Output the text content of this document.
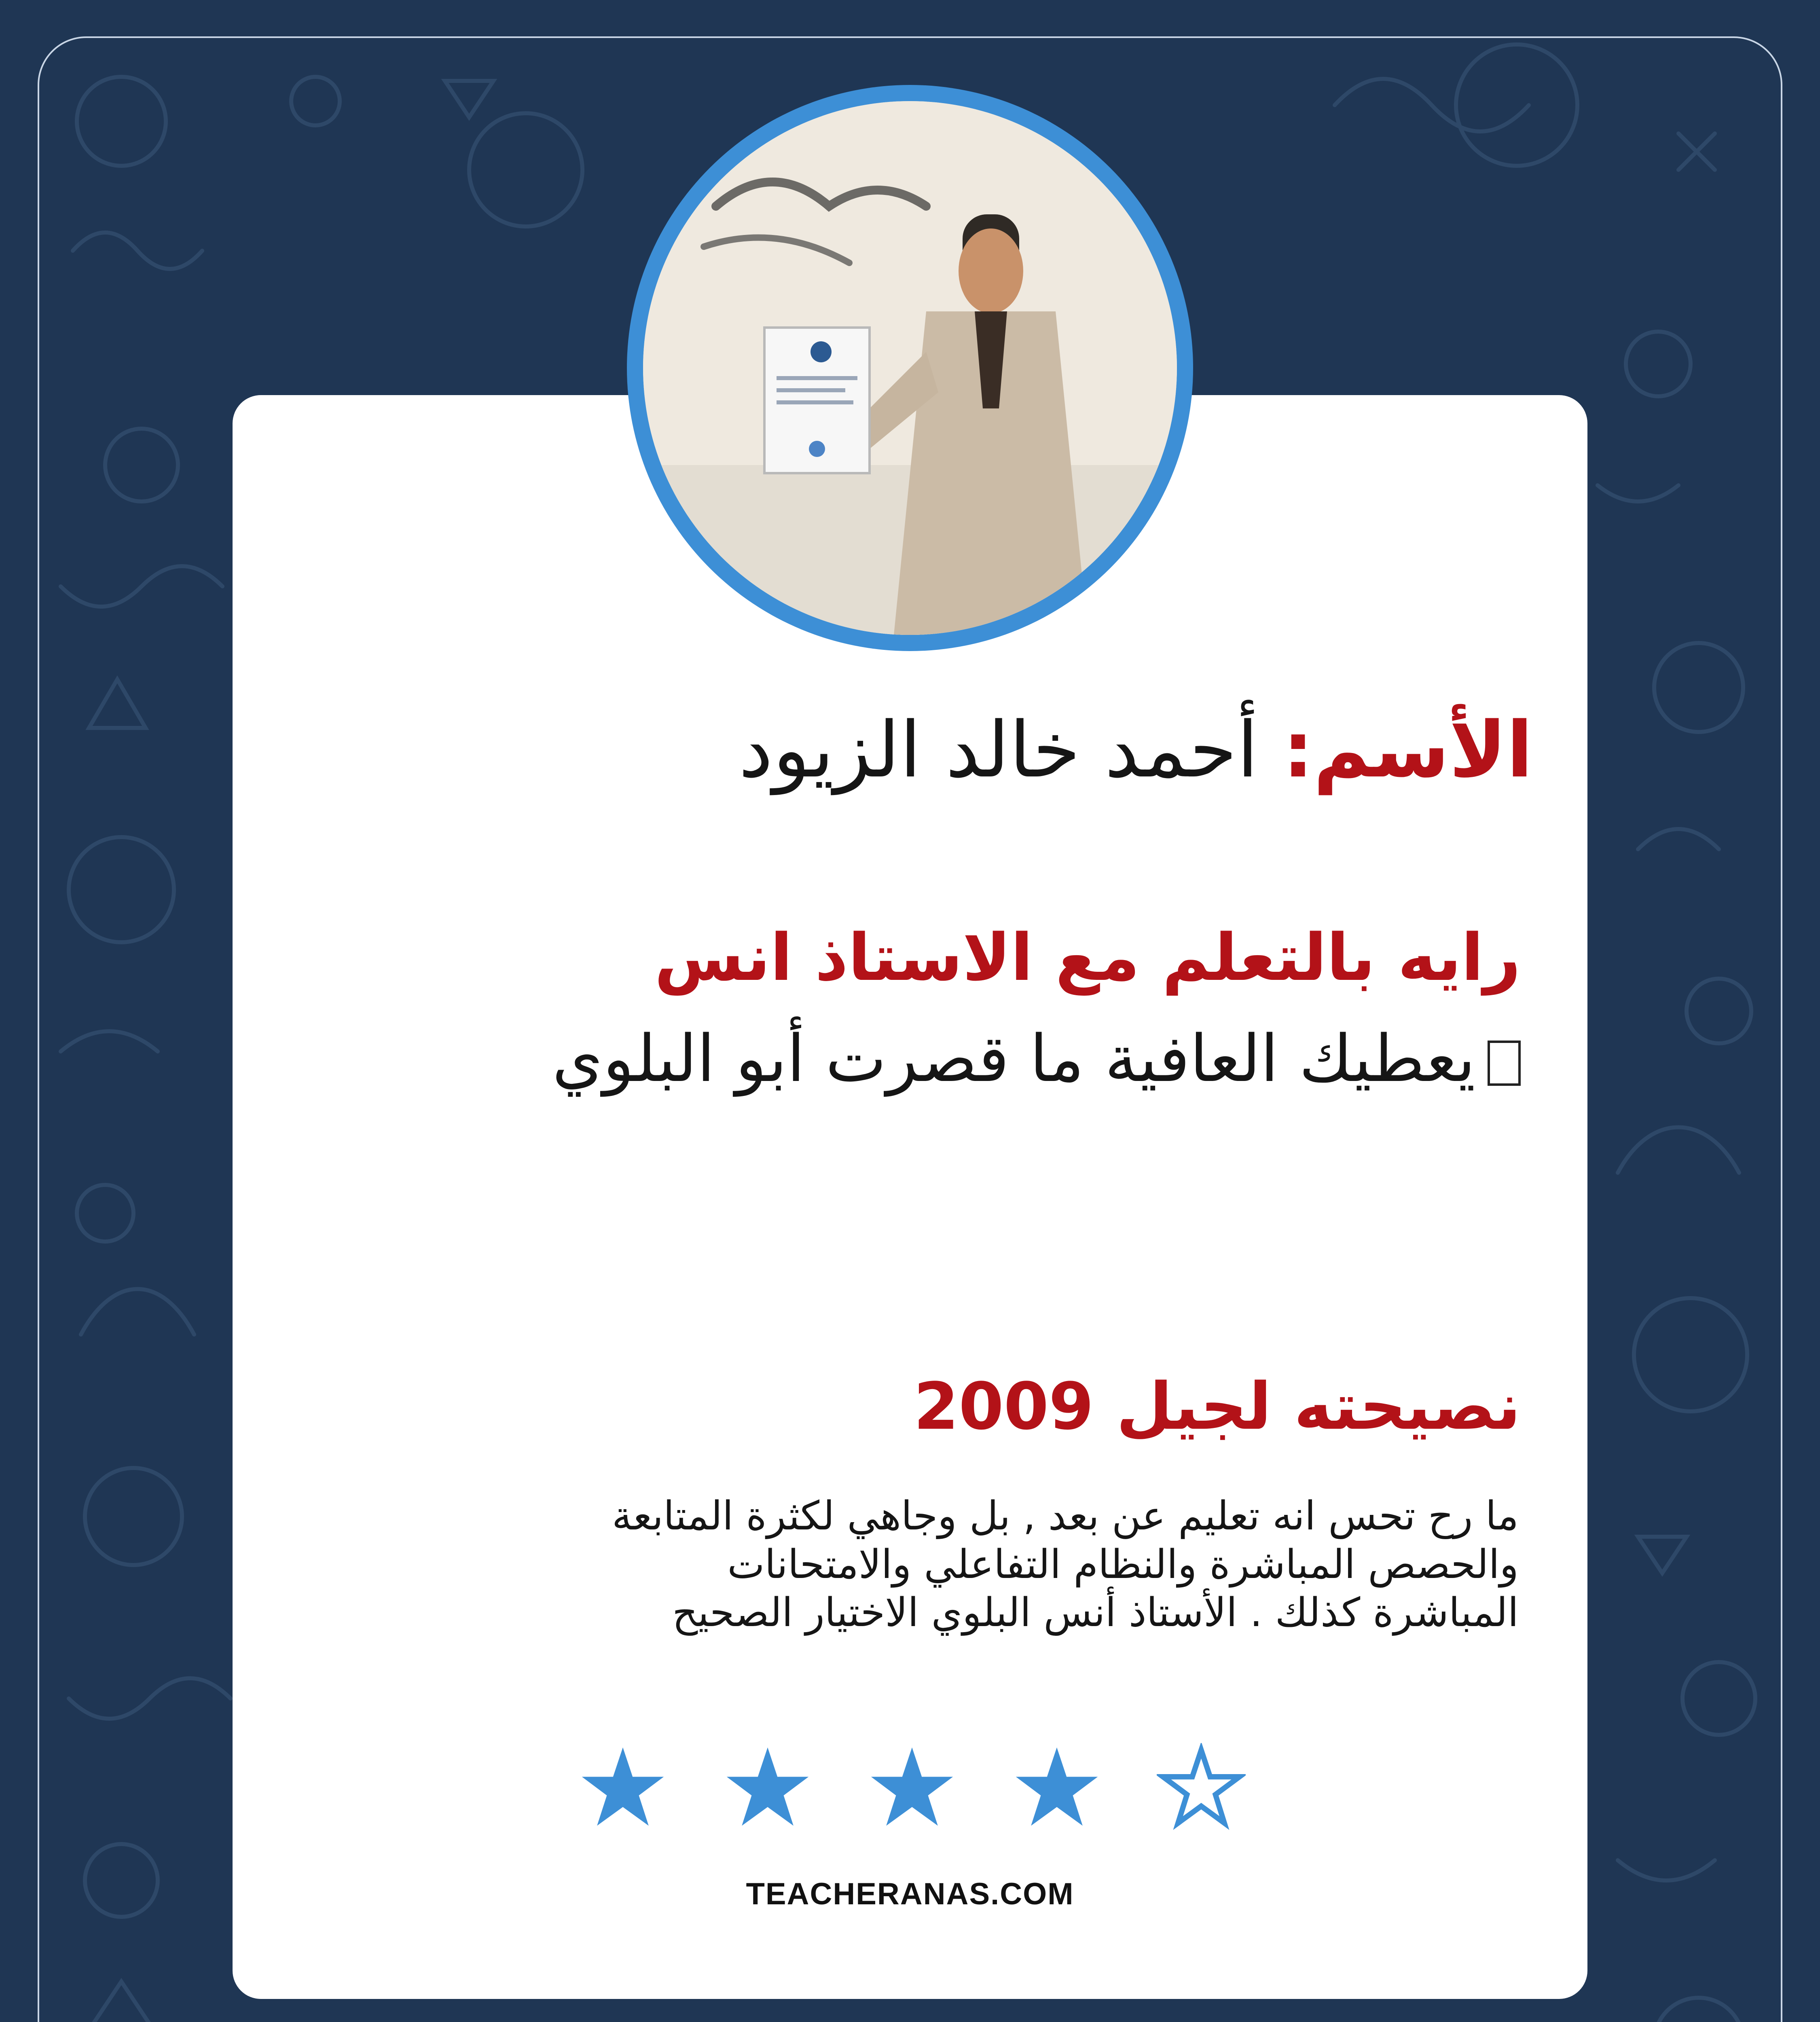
الأسم: أحمد خالد الزيود

رايه بالتعلم مع الاستاذ انس

يعطيك العافية ما قصرت أبو البلوي

نصيحته لجيل 2009
ما رح تحس انه تعليم عن بعد , بل وجاهي لكثرة المتابعة
والحصص المباشرة والنظام التفاعلي والامتحانات
المباشرة كذلك . الأستاذ أنس البلوي الاختيار الصحيح

TEACHERANAS.COM
